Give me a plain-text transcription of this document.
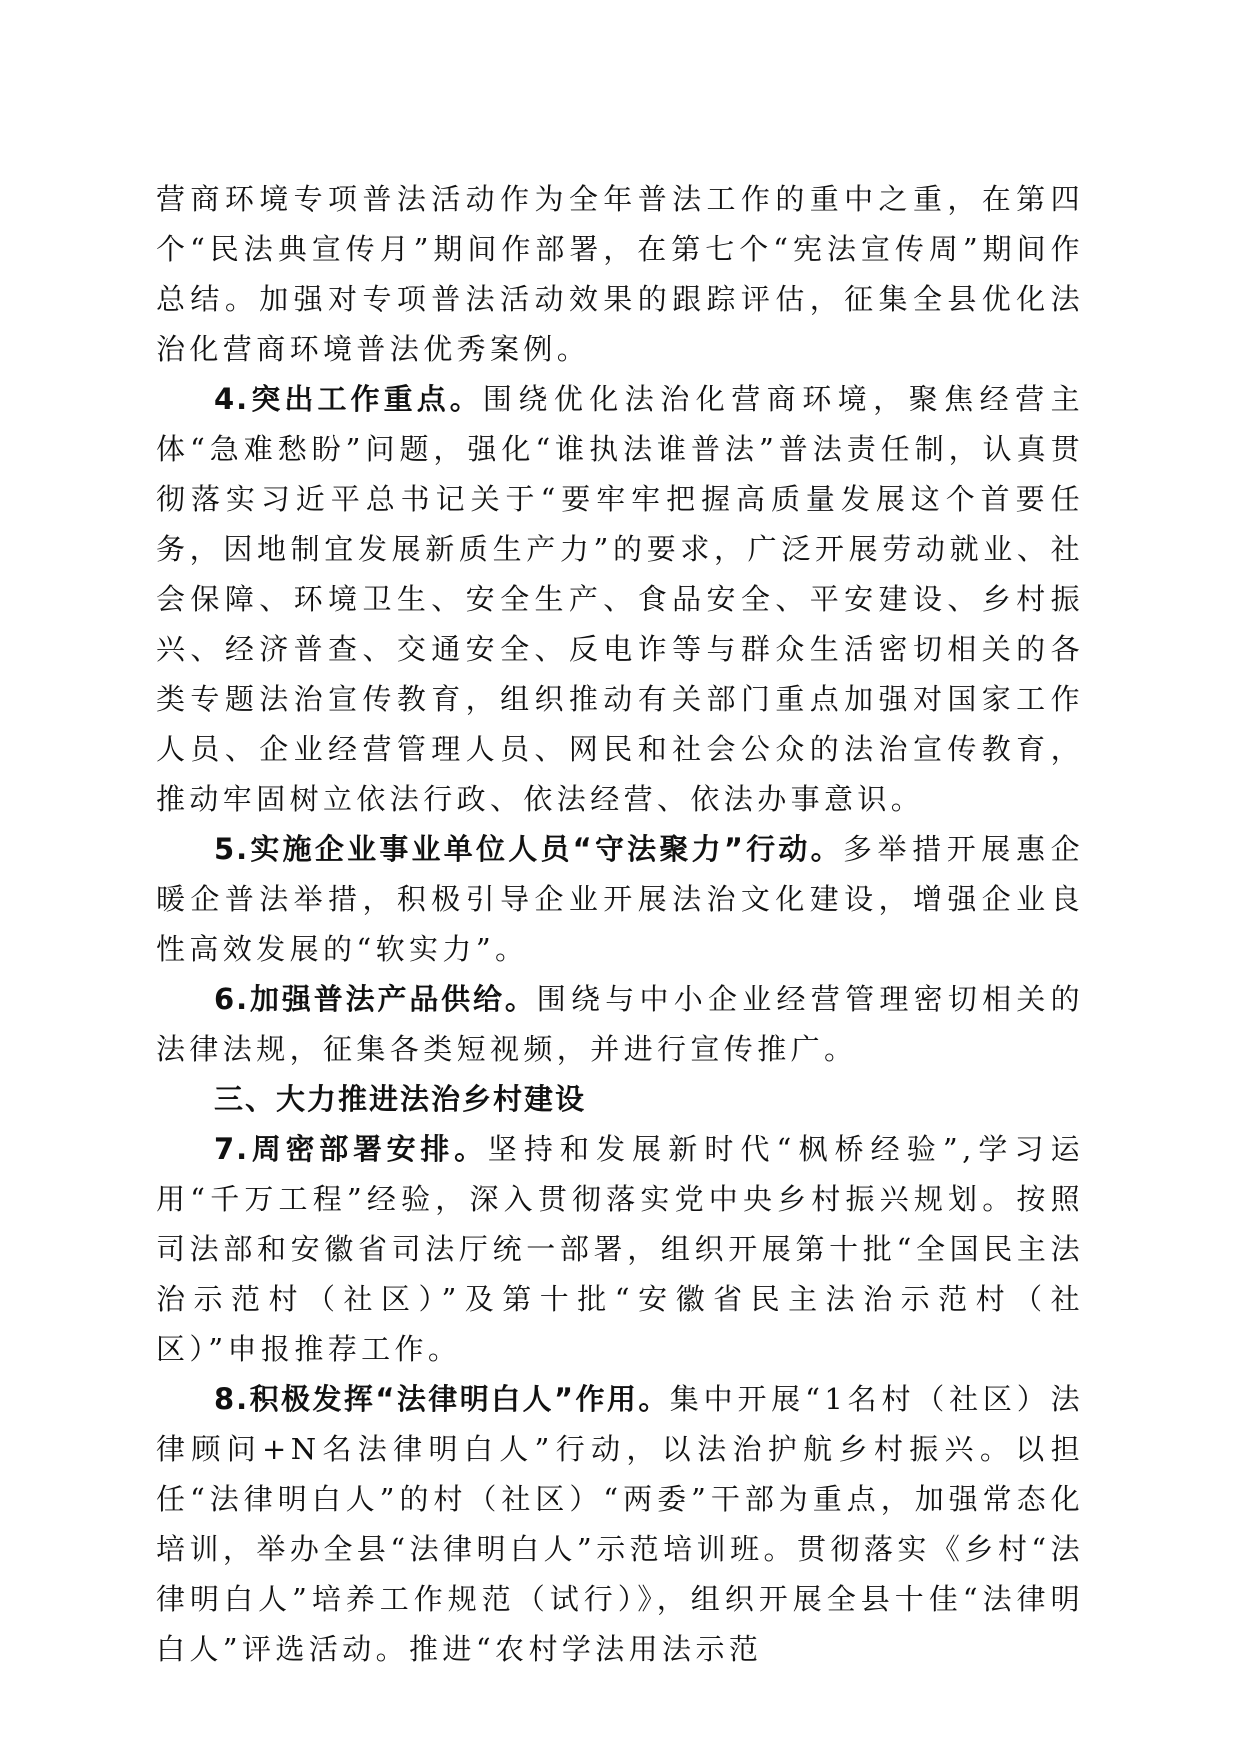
营商环境专项普法活动作为全年普法工作的重中之重，在第四个“民法典宣传月”期间作部署，在第七个“宪法宣传周”期间作总结。加强对专项普法活动效果的跟踪评估，征集全县优化法治化营商环境普法优秀案例。

4.突出工作重点。围绕优化法治化营商环境，聚焦经营主体“急难愁盼”问题，强化“谁执法谁普法”普法责任制，认真贯彻落实习近平总书记关于“要牢牢把握高质量发展这个首要任务，因地制宜发展新质生产力”的要求，广泛开展劳动就业、社会保障、环境卫生、安全生产、食品安全、平安建设、乡村振兴、经济普查、交通安全、反电诈等与群众生活密切相关的各类专题法治宣传教育，组织推动有关部门重点加强对国家工作人员、企业经营管理人员、网民和社会公众的法治宣传教育，推动牢固树立依法行政、依法经营、依法办事意识。

5.实施企业事业单位人员“守法聚力”行动。多举措开展惠企暖企普法举措，积极引导企业开展法治文化建设，增强企业良性高效发展的“软实力”。

6.加强普法产品供给。围绕与中小企业经营管理密切相关的法律法规，征集各类短视频，并进行宣传推广。

三、大力推进法治乡村建设

7.周密部署安排。坚持和发展新时代“枫桥经验”,学习运用“千万工程”经验，深入贯彻落实党中央乡村振兴规划。按照司法部和安徽省司法厅统一部署，组织开展第十批“全国民主法治示范村（社区）”及第十批“安徽省民主法治示范村（社区）”申报推荐工作。

8.积极发挥“法律明白人”作用。集中开展“1名村（社区）法律顾问+N名法律明白人”行动，以法治护航乡村振兴。以担任“法律明白人”的村（社区）“两委”干部为重点，加强常态化培训，举办全县“法律明白人”示范培训班。贯彻落实《乡村“法律明白人”培养工作规范（试行）》，组织开展全县十佳“法律明白人”评选活动。推进“农村学法用法示范
